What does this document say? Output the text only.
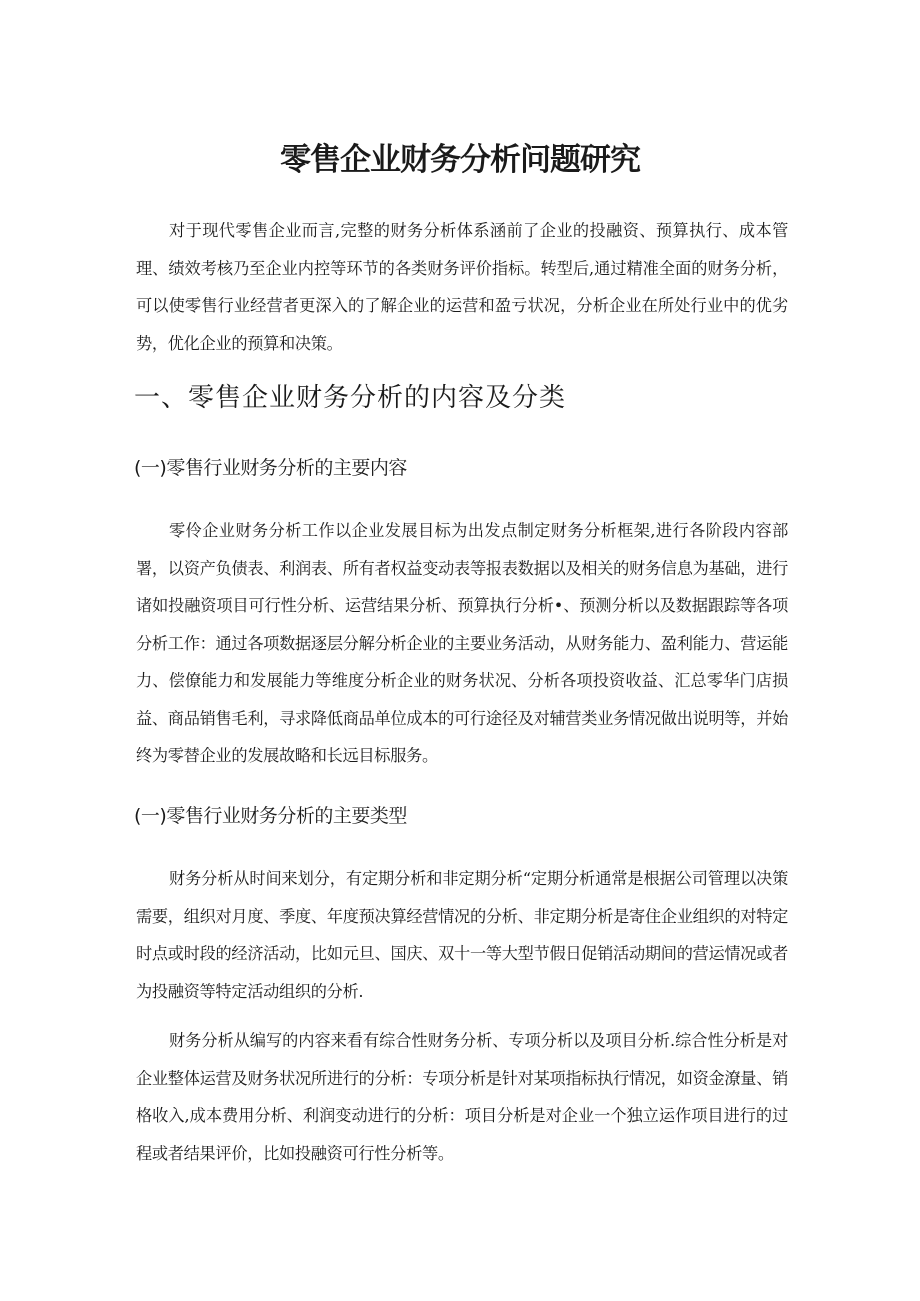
零售企业财务分析问题研究

对于现代零售企业而言,完整的财务分析体系涵前了企业的投融资、预算执行、成本管理、绩效考核乃至企业内控等环节的各类财务评价指标。转型后,通过精准全面的财务分析，可以使零售行业经营者更深入的了解企业的运营和盈亏状况，分析企业在所处行业中的优劣势，优化企业的预算和决策。

一、零售企业财务分析的内容及分类
(一)零售行业财务分析的主要内容

零伶企业财务分析工作以企业发展目标为出发点制定财务分析框架,进行各阶段内容部署，以资产负债表、利润表、所有者权益变动表等报表数据以及相关的财务信息为基础，进行诸如投融资项目可行性分析、运营结果分析、预算执行分析•、预测分析以及数据跟踪等各项分析工作：通过各项数据逐层分解分析企业的主要业务活动，从财务能力、盈利能力、营运能力、偿僚能力和发展能力等维度分析企业的财务状况、分析各项投资收益、汇总零华门店损益、商品销售毛利，寻求降低商品单位成本的可行途径及对辅营类业务情况做出说明等，并始终为零替企业的发展故略和长远目标服务。

(一)零售行业财务分析的主要类型

财务分析从时间来划分，有定期分析和非定期分析“定期分析通常是根据公司管理以决策需要，组织对月度、季度、年度预决算经营情况的分析、非定期分析是寄住企业组织的对特定时点或时段的经济活动，比如元旦、国庆、双十一等大型节假日促销活动期间的营运情况或者为投融资等特定活动组织的分析.

财务分析从编写的内容来看有综合性财务分析、专项分析以及项目分析.综合性分析是对企业整体运营及财务状况所进行的分析：专项分析是针对某项指标执行情况，如资金潦量、销格收入,成本费用分析、利润变动进行的分析：项目分析是对企业一个独立运作项目进行的过程或者结果评价，比如投融资可行性分析等。
